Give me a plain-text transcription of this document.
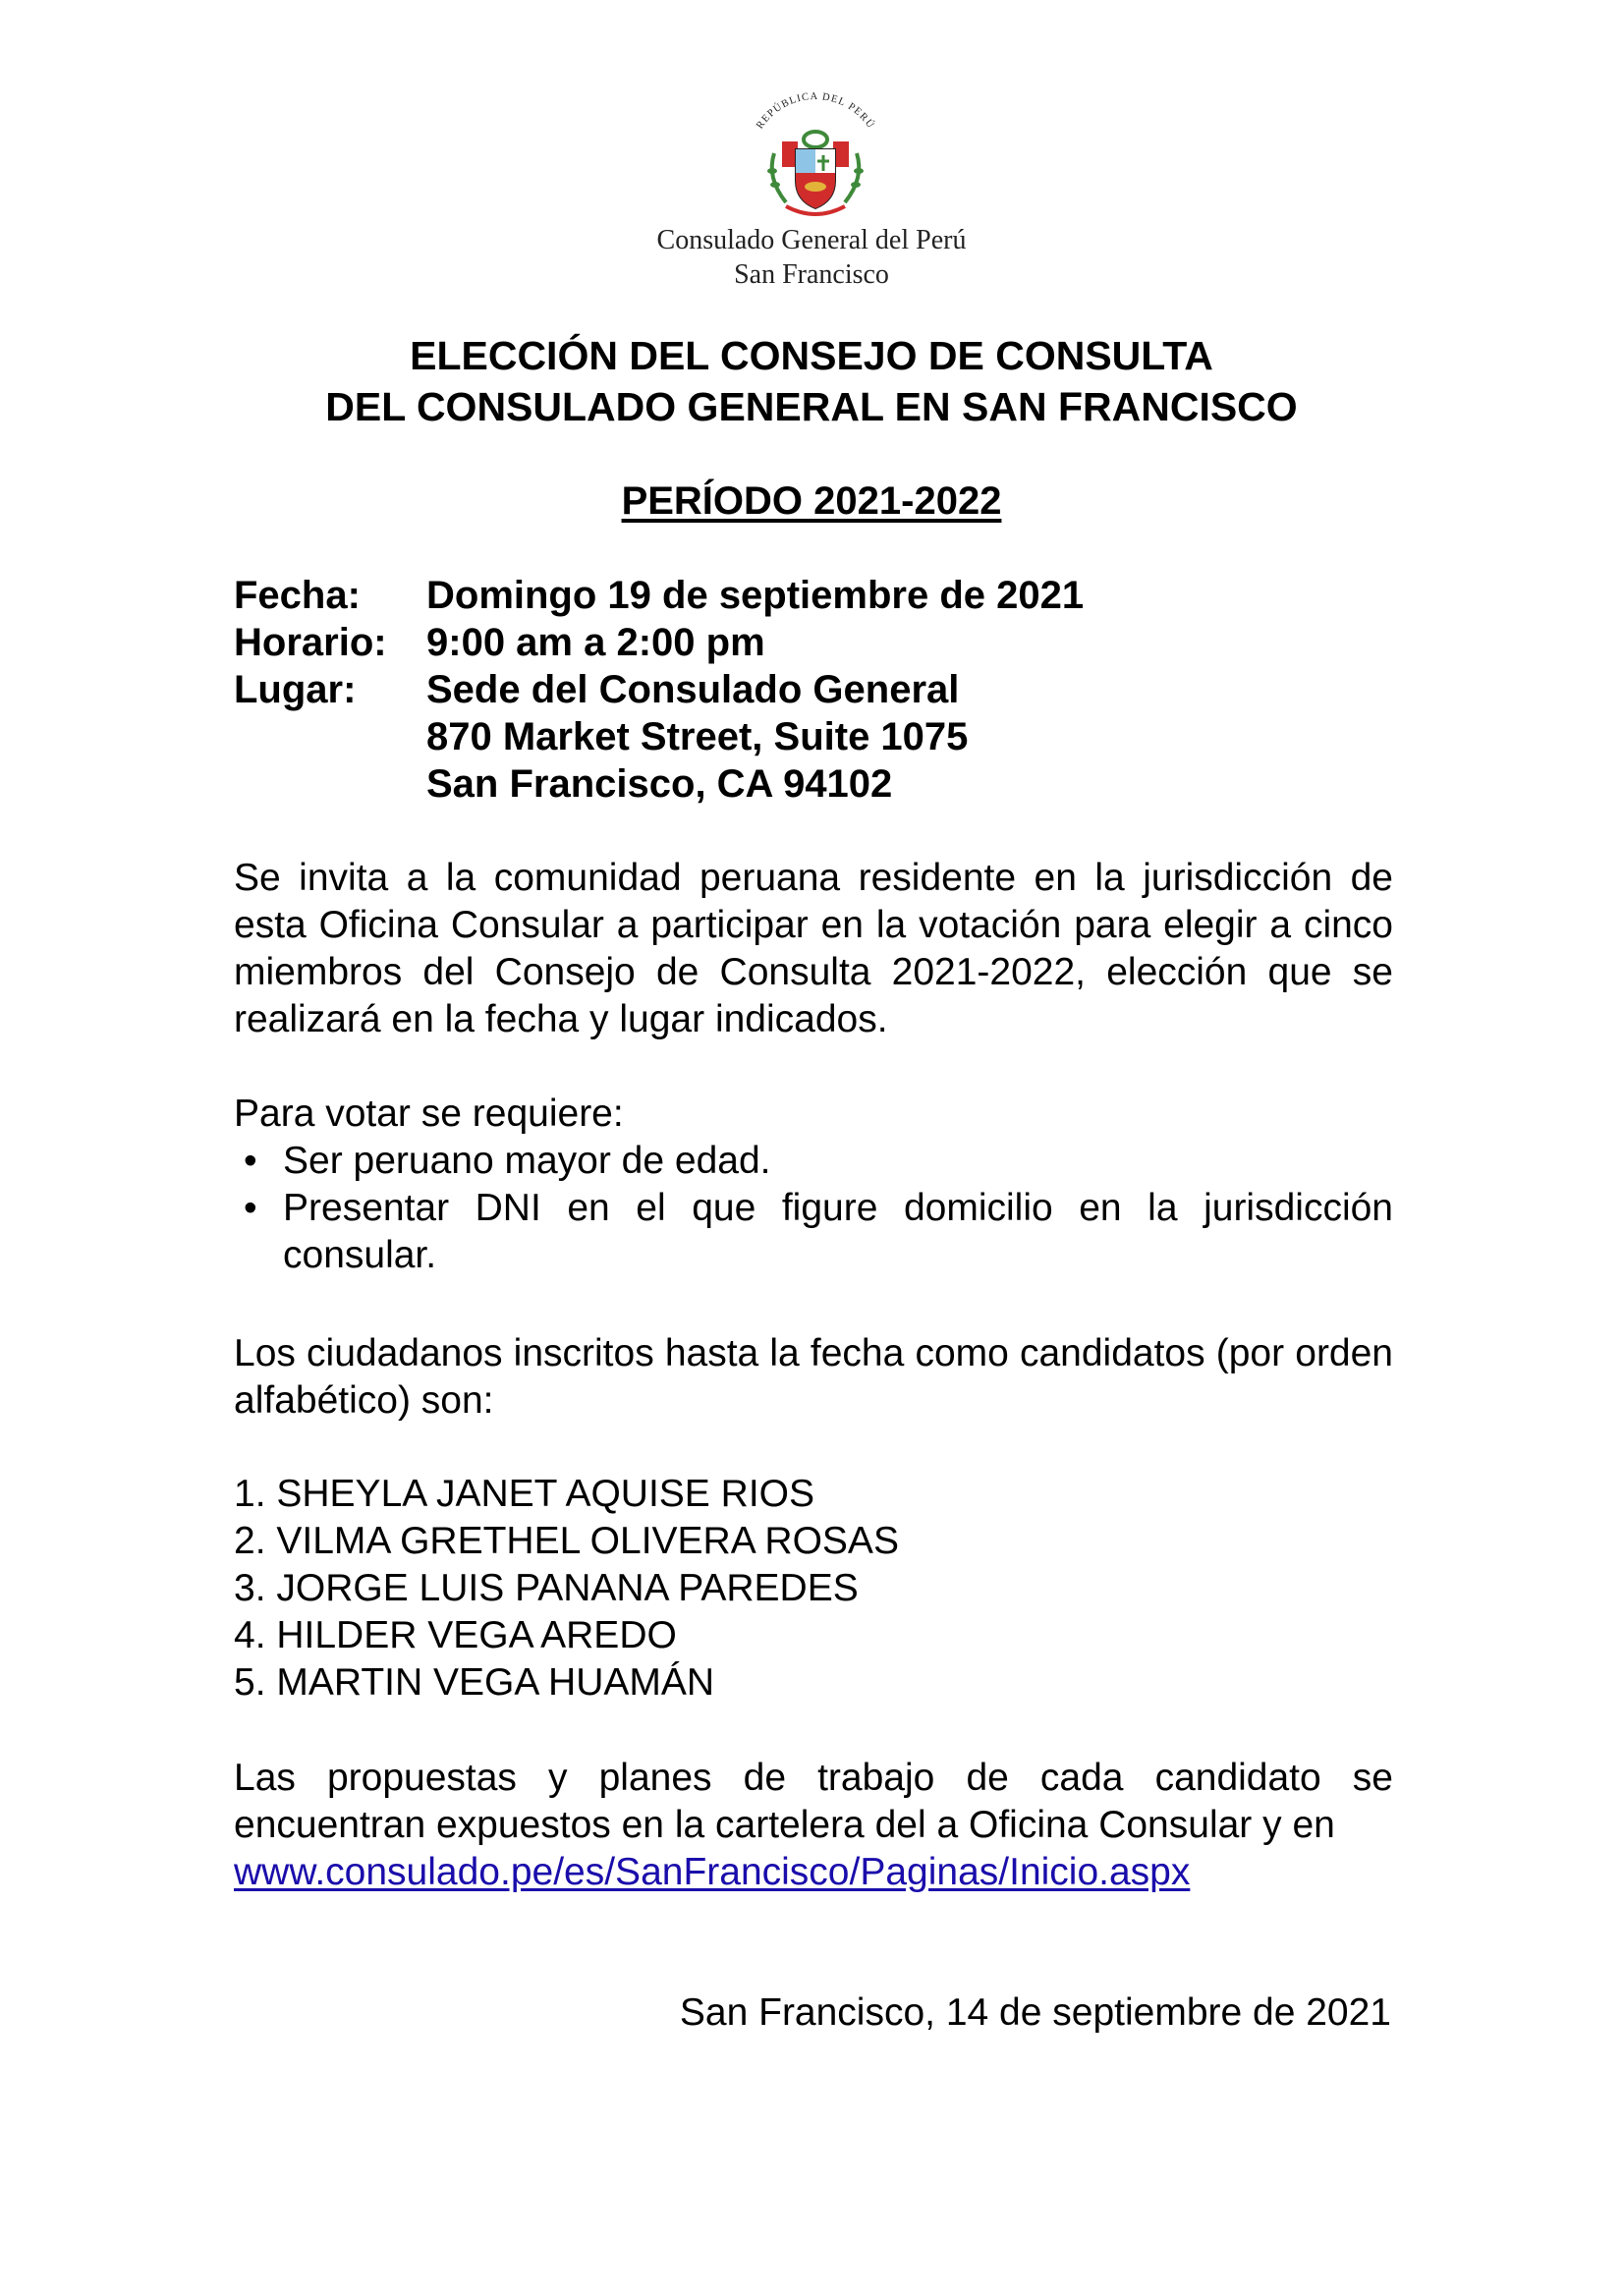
REPÚBLICA DEL PERÚ
Consulado General del Perú
San Francisco
ELECCIÓN DEL CONSEJO DE CONSULTA
DEL CONSULADO GENERAL EN SAN FRANCISCO
PERÍODO 2021-2022
Fecha:	Domingo 19 de septiembre de 2021
Horario:	9:00 am a 2:00 pm
Lugar:	Sede del Consulado General
870 Market Street, Suite 1075
San Francisco, CA 94102

Se invita a la comunidad peruana residente en la jurisdicción de esta Oficina Consular a participar en la votación para elegir a cinco miembros del Consejo de Consulta 2021-2022, elección que se realizará en la fecha y lugar indicados.

Para votar se requiere:

• Ser peruano mayor de edad.
• Presentar DNI en el que figure domicilio en la jurisdicción consular.

Los ciudadanos inscritos hasta la fecha como candidatos (por orden alfabético) son:

1. SHEYLA JANET AQUISE RIOS
2. VILMA GRETHEL OLIVERA ROSAS
3. JORGE LUIS PANANA PAREDES
4. HILDER VEGA AREDO
5. MARTIN VEGA HUAMÁN

Las propuestas y planes de trabajo de cada candidato se encuentran expuestos en la cartelera del a Oficina Consular y en

www.consulado.pe/es/SanFrancisco/Paginas/Inicio.aspx
San Francisco, 14 de septiembre de 2021
